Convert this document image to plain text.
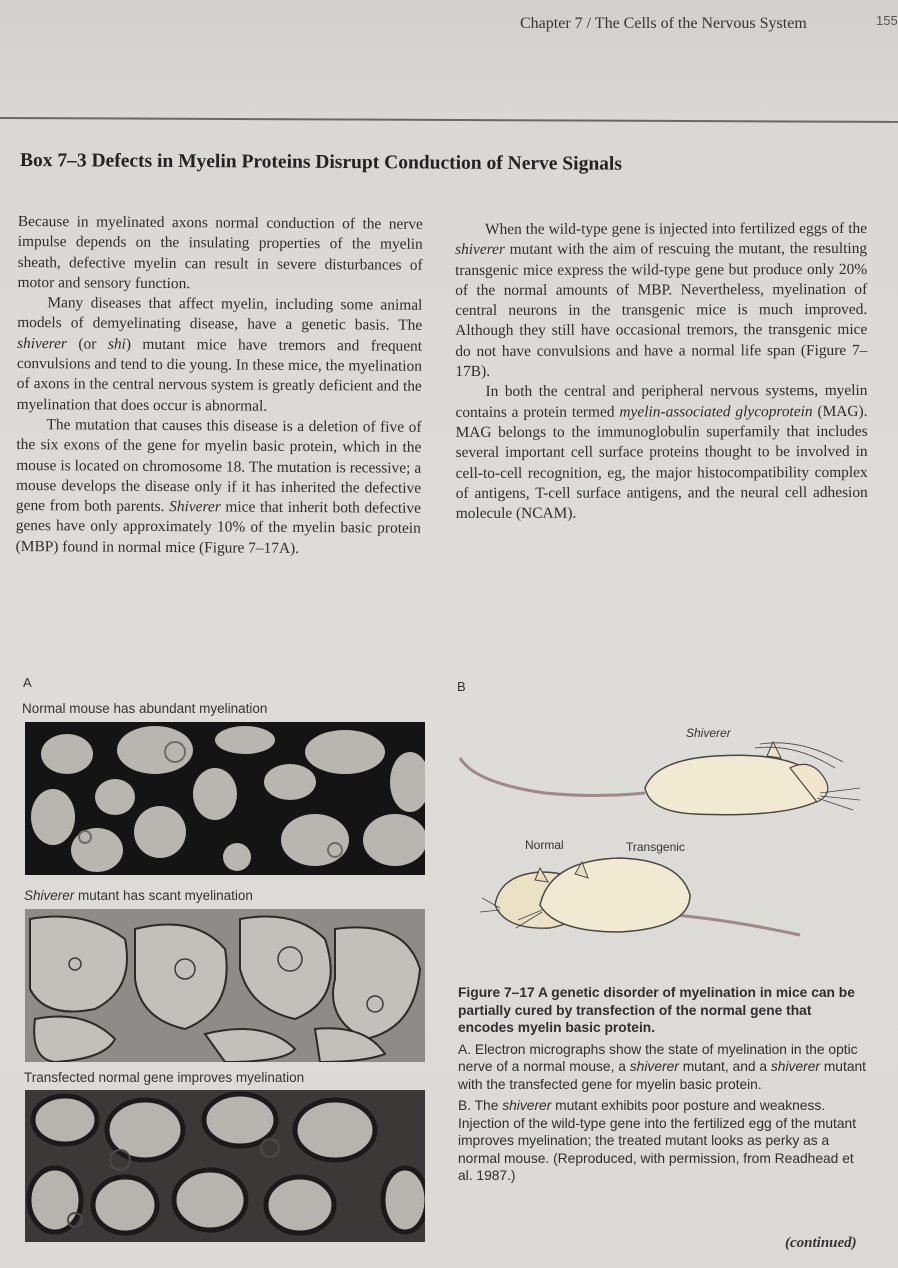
Chapter 7 / The Cells of the Nervous System	155
Box 7–3 Defects in Myelin Proteins Disrupt Conduction of Nerve Signals

Because in myelinated axons normal conduction of the nerve impulse depends on the insulating properties of the myelin sheath, defective myelin can result in severe disturbances of motor and sensory function.

Many diseases that affect myelin, including some animal models of demyelinating disease, have a genetic basis. The shiverer (or shi) mutant mice have tremors and frequent convulsions and tend to die young. In these mice, the myelination of axons in the central nervous system is greatly deficient and the myelination that does occur is abnormal.

The mutation that causes this disease is a deletion of five of the six exons of the gene for myelin basic protein, which in the mouse is located on chromosome 18. The mutation is recessive; a mouse develops the disease only if it has inherited the defective gene from both parents. Shiverer mice that inherit both defective genes have only approximately 10% of the myelin basic protein (MBP) found in normal mice (Figure 7–17A).

When the wild-type gene is injected into fertilized eggs of the shiverer mutant with the aim of rescuing the mutant, the resulting transgenic mice express the wild-type gene but produce only 20% of the normal amounts of MBP. Nevertheless, myelination of central neurons in the transgenic mice is much improved. Although they still have occasional tremors, the transgenic mice do not have convulsions and have a normal life span (Figure 7–17B).

In both the central and peripheral nervous systems, myelin contains a protein termed myelin-associated glycoprotein (MAG). MAG belongs to the immunoglobulin superfamily that includes several important cell surface proteins thought to be involved in cell-to-cell recognition, eg, the major histocompatibility complex of antigens, T-cell surface antigens, and the neural cell adhesion molecule (NCAM).

A
Normal mouse has abundant myelination
Shiverer mutant has scant myelination
Transfected normal gene improves myelination
B
Shiverer
Normal	Transgenic

Figure 7–17 A genetic disorder of myelination in mice can be partially cured by transfection of the normal gene that encodes myelin basic protein.

A. Electron micrographs show the state of myelination in the optic nerve of a normal mouse, a shiverer mutant, and a shiverer mutant with the transfected gene for myelin basic protein.

B. The shiverer mutant exhibits poor posture and weakness. Injection of the wild-type gene into the fertilized egg of the mutant improves myelination; the treated mutant looks as perky as a normal mouse. (Reproduced, with permission, from Readhead et al. 1987.)

(continued)
